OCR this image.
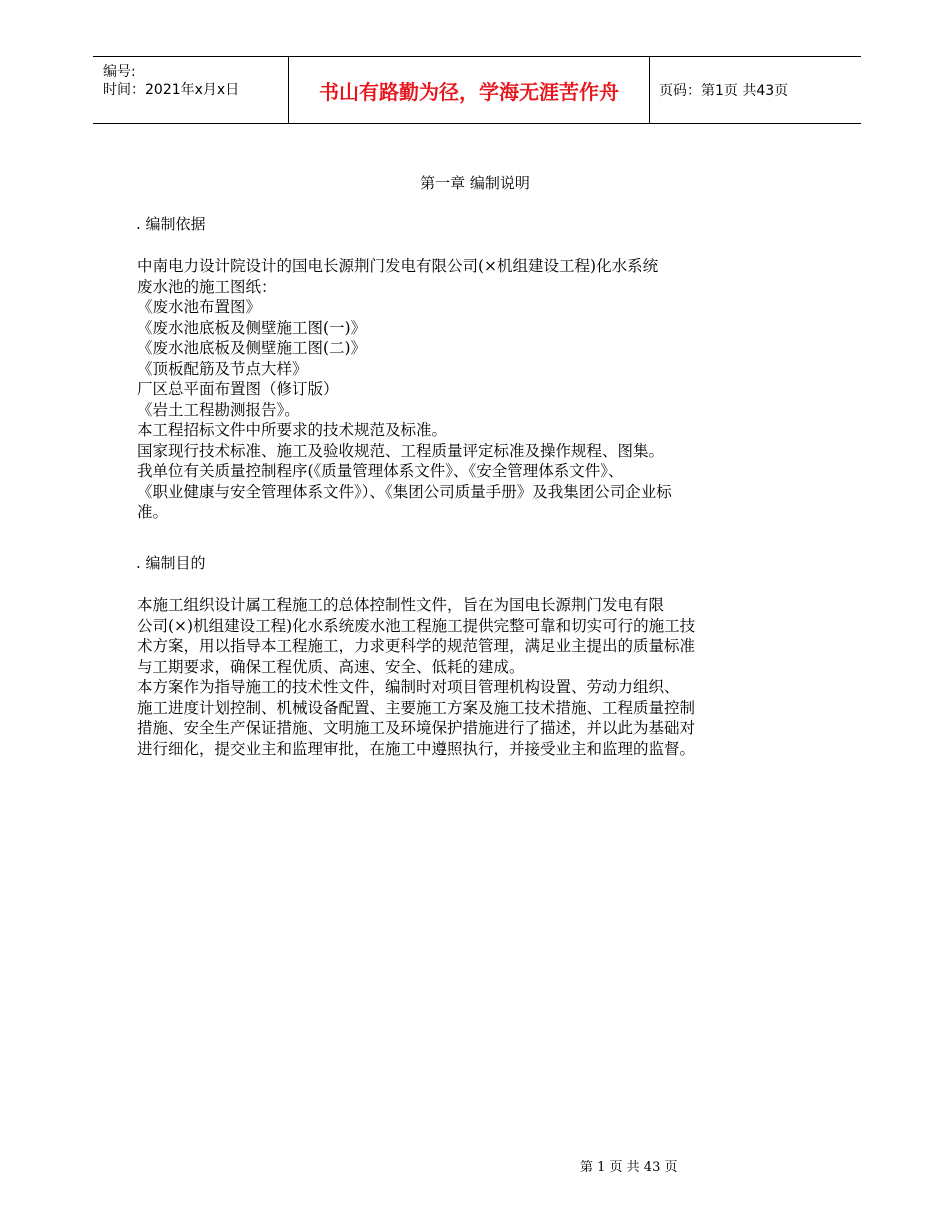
编号:
时间：2021年x月x日	书山有路勤为径，学海无涯苦作舟	页码：第1页 共43页
第一章 编制说明
. 编制依据

中南电力设计院设计的国电长源荆门发电有限公司(×机组建设工程)化水系统

废水池的施工图纸：

《废水池布置图》

《废水池底板及侧壁施工图(一)》

《废水池底板及侧壁施工图(二)》

《顶板配筋及节点大样》

厂区总平面布置图（修订版）

《岩土工程勘测报告》。

本工程招标文件中所要求的技术规范及标准。

国家现行技术标准、施工及验收规范、工程质量评定标准及操作规程、图集。

我单位有关质量控制程序(《质量管理体系文件》、《安全管理体系文件》、

《职业健康与安全管理体系文件》）、《集团公司质量手册》及我集团公司企业标

准。

. 编制目的

本施工组织设计属工程施工的总体控制性文件，旨在为国电长源荆门发电有限

公司(×)机组建设工程)化水系统废水池工程施工提供完整可靠和切实可行的施工技

术方案，用以指导本工程施工，力求更科学的规范管理，满足业主提出的质量标准

与工期要求，确保工程优质、高速、安全、低耗的建成。

本方案作为指导施工的技术性文件，编制时对项目管理机构设置、劳动力组织、

施工进度计划控制、机械设备配置、主要施工方案及施工技术措施、工程质量控制

措施、安全生产保证措施、文明施工及环境保护措施进行了描述，并以此为基础对

进行细化，提交业主和监理审批，在施工中遵照执行，并接受业主和监理的监督。

第 1 页 共 43 页
